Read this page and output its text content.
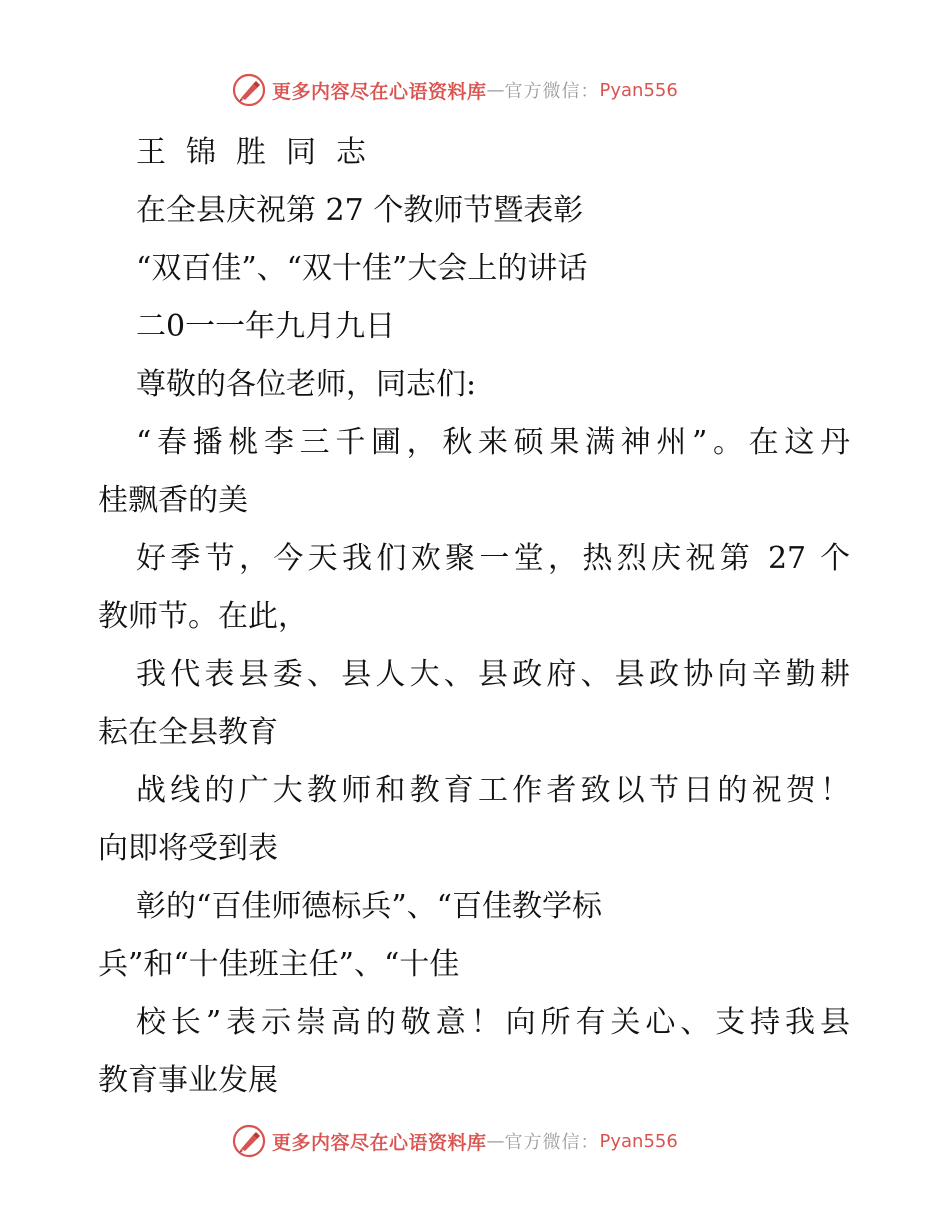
更多内容尽在心语资料库 — 官方微信： Pyan556

王锦胜同志

在全县庆祝第 27 个教师节暨表彰

“双百佳”、“双十佳”大会上的讲话

二0一一年九月九日

尊敬的各位老师，同志们:

“春播桃李三千圃，秋来硕果满神州”。在这丹

桂飘香的美

好季节，今天我们欢聚一堂，热烈庆祝第 27 个

教师节。在此，

我代表县委、县人大、县政府、县政协向辛勤耕

耘在全县教育

战线的广大教师和教育工作者致以节日的祝贺！

向即将受到表

彰的“百佳师德标兵”、“百佳教学标

兵”和“十佳班主任”、“十佳

校长”表示崇高的敬意！向所有关心、支持我县

教育事业发展

更多内容尽在心语资料库 — 官方微信： Pyan556
